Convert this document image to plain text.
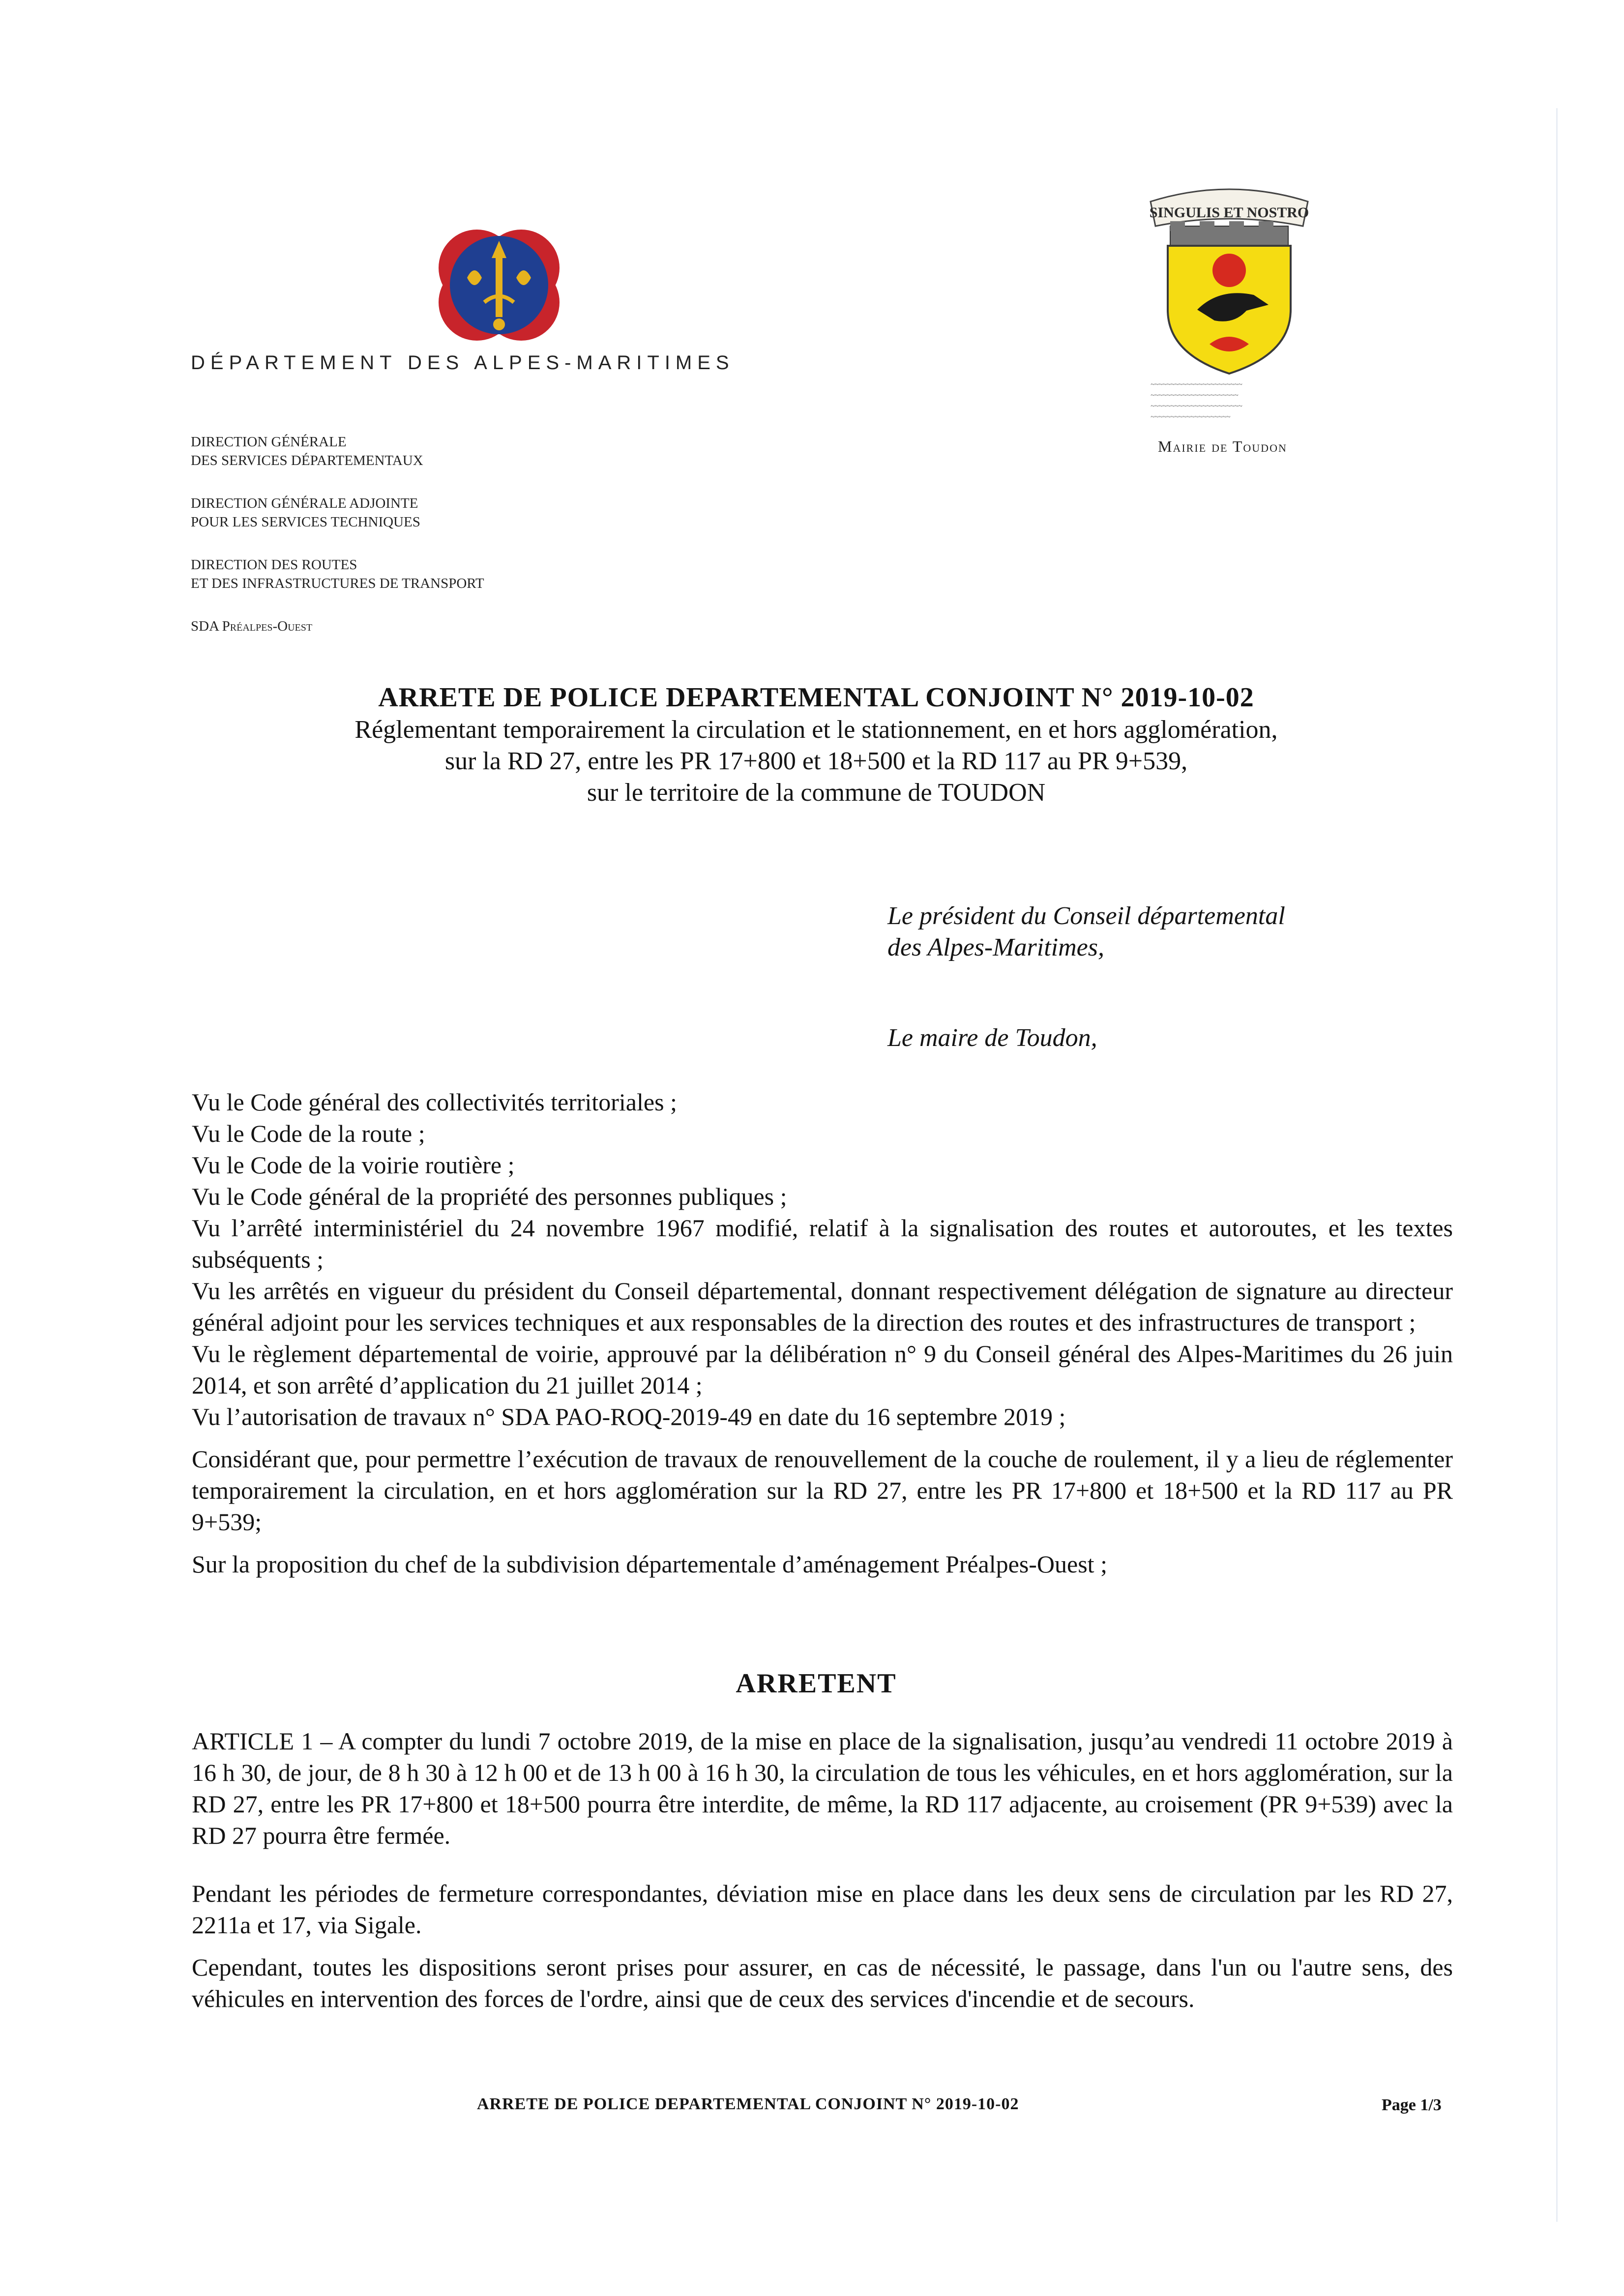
DÉPARTEMENT DES ALPES-MARITIMES
DIRECTION GÉNÉRALE
DES SERVICES DÉPARTEMENTAUX
DIRECTION GÉNÉRALE ADJOINTE
POUR LES SERVICES TECHNIQUES
DIRECTION DES ROUTES
ET DES INFRASTRUCTURES DE TRANSPORT
SDA Préalpes-Ouest
SINGULIS ET NOSTRO
~~~~~~~~~~~~~~~~~~~~~~~
~~~~~~~~~~~~~~~~~~~~~~
~~~~~~~~~~~~~~~~~~~~~~~
~~~~~~~~~~~~~~~~~~~~
Mairie de Toudon
ARRETE DE POLICE DEPARTEMENTAL CONJOINT N° 2019-10-02
Réglementant temporairement la circulation et le stationnement, en et hors agglomération,
sur la RD 27, entre les PR 17+800 et 18+500 et la RD 117 au PR 9+539,
sur le territoire de la commune de TOUDON
Le président du Conseil départemental
des Alpes-Maritimes,
Le maire de Toudon,

Vu le Code général des collectivités territoriales ;

Vu le Code de la route ;

Vu le Code de la voirie routière ;

Vu le Code général de la propriété des personnes publiques ;

Vu l’arrêté interministériel du 24 novembre 1967 modifié, relatif à la signalisation des routes et autoroutes, et les textes subséquents ;

Vu les arrêtés en vigueur du président du Conseil départemental, donnant respectivement délégation de signature au directeur général adjoint pour les services techniques et aux responsables de la direction des routes et des infrastructures de transport ;

Vu le règlement départemental de voirie, approuvé par la délibération n° 9 du Conseil général des Alpes-Maritimes du 26 juin 2014, et son arrêté d’application du 21 juillet 2014 ;

Vu l’autorisation de travaux n° SDA PAO-ROQ-2019-49 en date du 16 septembre 2019 ;

Considérant que, pour permettre l’exécution de travaux de renouvellement de la couche de roulement, il y a lieu de réglementer temporairement la circulation, en et hors agglomération sur la RD 27, entre les PR 17+800 et 18+500 et la RD 117 au PR 9+539;

Sur la proposition du chef de la subdivision départementale d’aménagement Préalpes-Ouest ;

ARRETENT

ARTICLE 1 – A compter du lundi 7 octobre 2019, de la mise en place de la signalisation, jusqu’au vendredi 11 octobre 2019 à 16 h 30, de jour, de 8 h 30 à 12 h 00 et de 13 h 00 à 16 h 30, la circulation de tous les véhicules, en et hors agglomération, sur la RD 27, entre les PR 17+800 et 18+500 pourra être interdite, de même, la RD 117 adjacente, au croisement (PR 9+539) avec la RD 27 pourra être fermée.

Pendant les périodes de fermeture correspondantes, déviation mise en place dans les deux sens de circulation par les RD 27, 2211a et 17, via Sigale.

Cependant, toutes les dispositions seront prises pour assurer, en cas de nécessité, le passage, dans l'un ou l'autre sens, des véhicules en intervention des forces de l'ordre, ainsi que de ceux des services d'incendie et de secours.

ARRETE DE POLICE DEPARTEMENTAL CONJOINT N° 2019-10-02	Page 1/3
